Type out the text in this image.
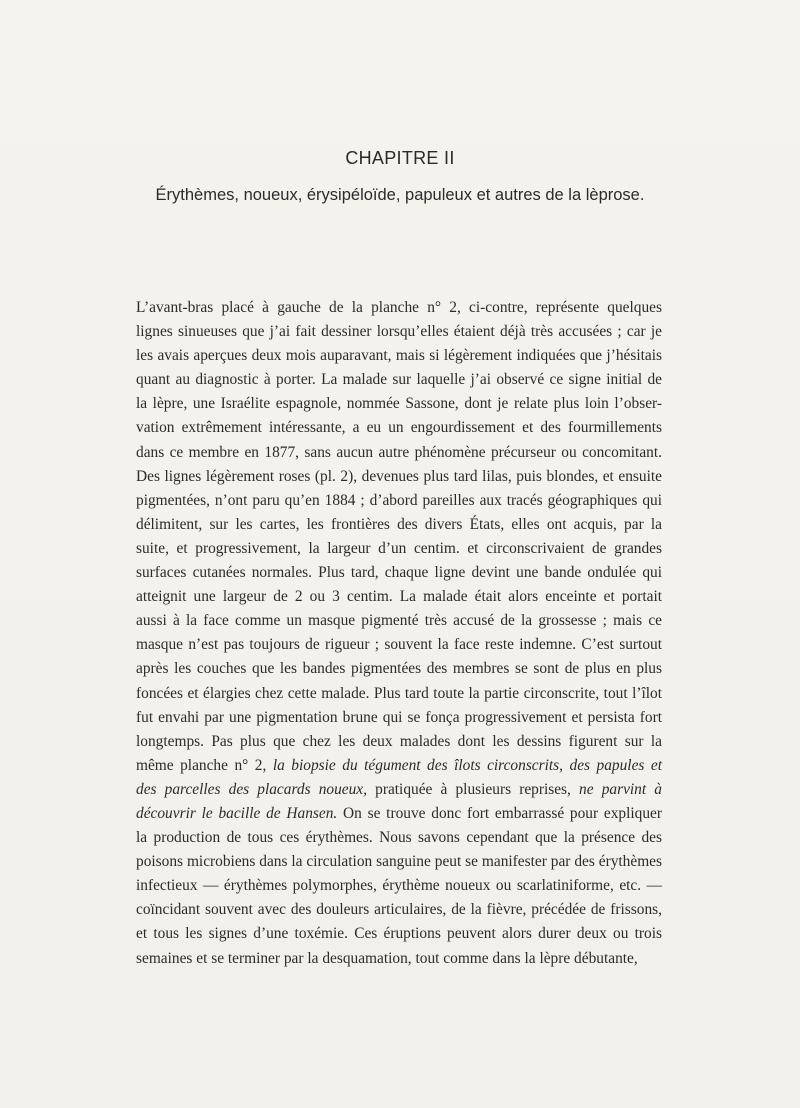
CHAPITRE II
Érythèmes, noueux, érysipéloïde, papuleux et autres de la lèprose.
L’avant-bras placé à gauche de la planche n° 2, ci-contre, représente quelques
lignes sinueuses que j’ai fait dessiner lorsqu’elles étaient déjà très accusées ; car je
les avais aperçues deux mois auparavant, mais si légèrement indiquées que j’hésitais
quant au diagnostic à porter. La malade sur laquelle j’ai observé ce signe initial de
la lèpre, une Israélite espagnole, nommée Sassone, dont je relate plus loin l’obser-
vation extrêmement intéressante, a eu un engourdissement et des fourmillements
dans ce membre en 1877, sans aucun autre phénomène précurseur ou concomitant.
Des lignes légèrement roses (pl. 2), devenues plus tard lilas, puis blondes, et ensuite
pigmentées, n’ont paru qu’en 1884 ; d’abord pareilles aux tracés géographiques qui
délimitent, sur les cartes, les frontières des divers États, elles ont acquis, par la
suite, et progressivement, la largeur d’un centim. et circonscrivaient de grandes
surfaces cutanées normales. Plus tard, chaque ligne devint une bande ondulée qui
atteignit une largeur de 2 ou 3 centim. La malade était alors enceinte et portait
aussi à la face comme un masque pigmenté très accusé de la grossesse ; mais ce
masque n’est pas toujours de rigueur ; souvent la face reste indemne. C’est surtout
après les couches que les bandes pigmentées des membres se sont de plus en plus
foncées et élargies chez cette malade. Plus tard toute la partie circonscrite, tout l’îlot
fut envahi par une pigmentation brune qui se fonça progressivement et persista fort
longtemps. Pas plus que chez les deux malades dont les dessins figurent sur la
même planche n° 2, la biopsie du tégument des îlots circonscrits, des papules et
des parcelles des placards noueux, pratiquée à plusieurs reprises, ne parvint à
découvrir le bacille de Hansen. On se trouve donc fort embarrassé pour expliquer
la production de tous ces érythèmes. Nous savons cependant que la présence des
poisons microbiens dans la circulation sanguine peut se manifester par des érythèmes
infectieux — érythèmes polymorphes, érythème noueux ou scarlatiniforme, etc. —
coïncidant souvent avec des douleurs articulaires, de la fièvre, précédée de frissons,
et tous les signes d’une toxémie. Ces éruptions peuvent alors durer deux ou trois
semaines et se terminer par la desquamation, tout comme dans la lèpre débutante,
